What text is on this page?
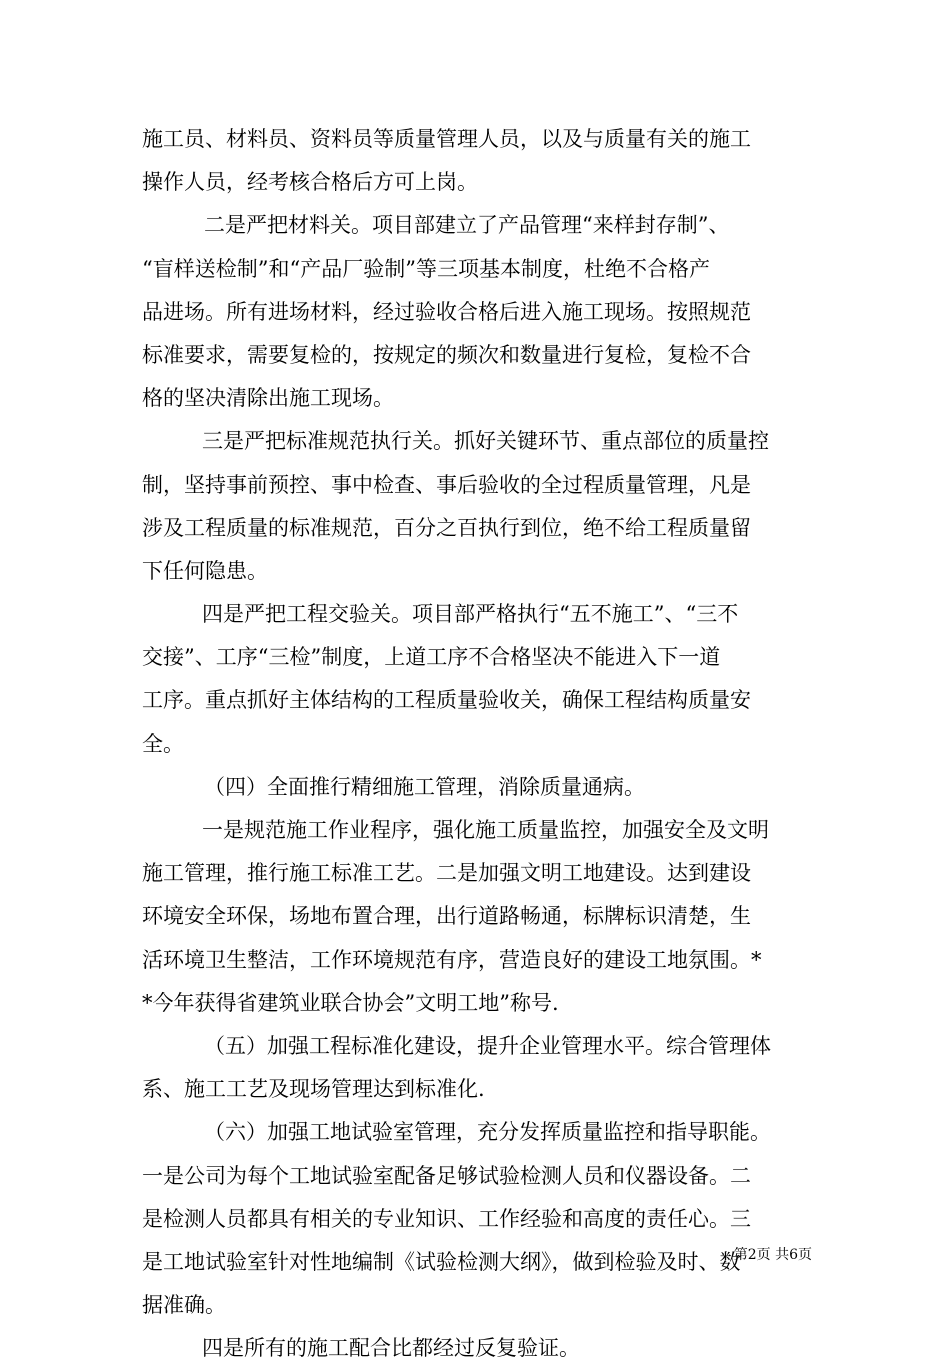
施工员、材料员、资料员等质量管理人员，以及与质量有关的施工
操作人员，经考核合格后方可上岗。
二是严把材料关。项目部建立了产品管理“来样封存制”、
“盲样送检制”和“产品厂验制”等三项基本制度，杜绝不合格产
品进场。所有进场材料，经过验收合格后进入施工现场。按照规范
标准要求，需要复检的，按规定的频次和数量进行复检，复检不合
格的坚决清除出施工现场。
三是严把标准规范执行关。抓好关键环节、重点部位的质量控
制，坚持事前预控、事中检查、事后验收的全过程质量管理，凡是
涉及工程质量的标准规范，百分之百执行到位，绝不给工程质量留
下任何隐患。
四是严把工程交验关。项目部严格执行“五不施工”、“三不
交接”、工序“三检”制度，上道工序不合格坚决不能进入下一道
工序。重点抓好主体结构的工程质量验收关，确保工程结构质量安
全。
（四）全面推行精细施工管理，消除质量通病。
一是规范施工作业程序，强化施工质量监控，加强安全及文明
施工管理，推行施工标准工艺。二是加强文明工地建设。达到建设
环境安全环保，场地布置合理，出行道路畅通，标牌标识清楚，生
活环境卫生整洁，工作环境规范有序，营造良好的建设工地氛围。*
*今年获得省建筑业联合协会”文明工地”称号.
（五）加强工程标准化建设，提升企业管理水平。综合管理体
系、施工工艺及现场管理达到标准化.
（六）加强工地试验室管理，充分发挥质量监控和指导职能。
一是公司为每个工地试验室配备足够试验检测人员和仪器设备。二
是检测人员都具有相关的专业知识、工作经验和高度的责任心。三
是工地试验室针对性地编制《试验检测大纲》，做到检验及时、数
据准确。
四是所有的施工配合比都经过反复验证。
第2页 共6页
